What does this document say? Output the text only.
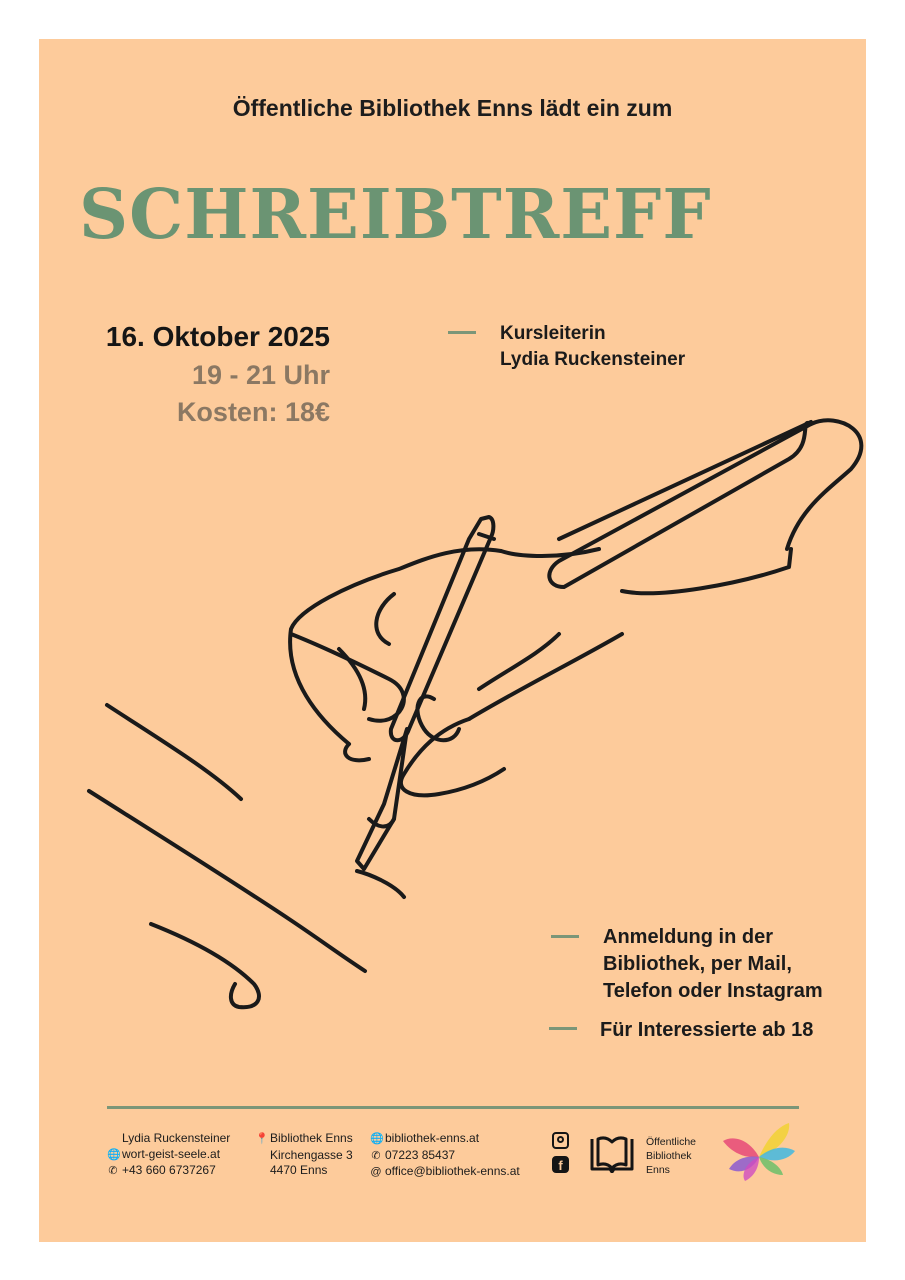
Öffentliche Bibliothek Enns lädt ein zum
SCHREIBTREFF
16. Oktober 2025
19 - 21 Uhr
Kosten: 18€
Kursleiterin
Lydia Ruckensteiner
Anmeldung in der
Bibliothek, per Mail,
Telefon oder Instagram
Für Interessierte ab 18
Lydia Ruckensteiner
🌐wort-geist-seele.at
✆ +43 660 6737267
📍Bibliothek Enns
Kirchengasse 3
4470 Enns
🌐bibliothek-enns.at
✆ 07223 85437
@ office@bibliothek-enns.at	f
Öffentliche
Bibliothek
Enns
